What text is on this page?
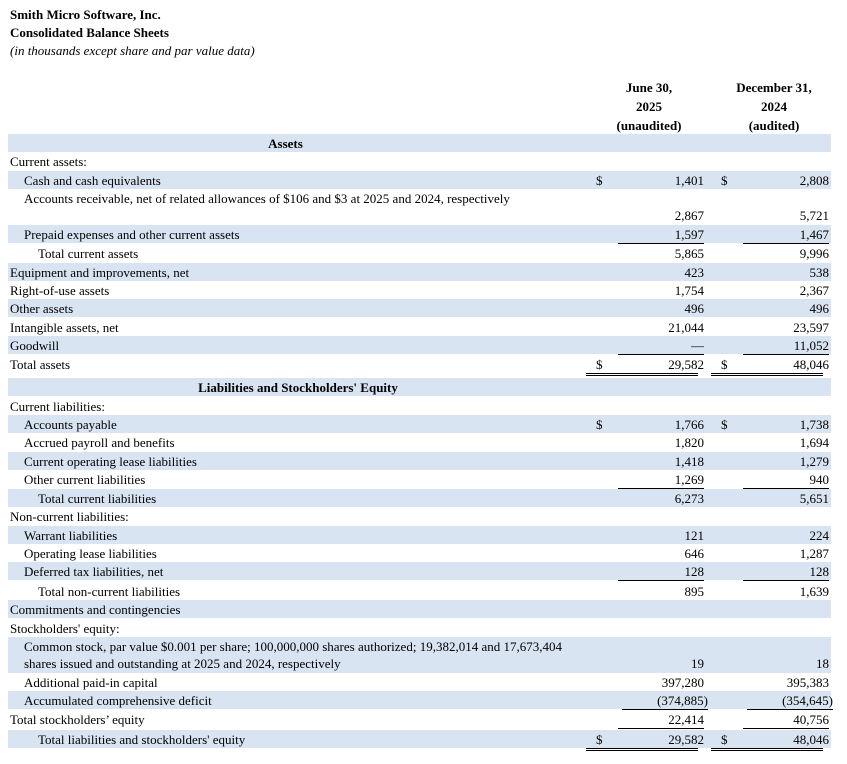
Smith Micro Software, Inc.
Consolidated Balance Sheets
(in thousands except share and par value data)
June 30,
2025
(unaudited)
December 31,
2024
(audited)
Assets
Current assets:
Cash and cash equivalents	$	1,401 $	2,808
Accounts receivable, net of related allowances of $106 and $3 at 2025 and 2024, respectively
2,867	5,721
Prepaid expenses and other current assets	1,597	1,467
Total current assets	5,865	9,996
Equipment and improvements, net	423	538
Right-of-use assets	1,754	2,367
Other assets	496	496
Intangible assets, net	21,044	23,597
Goodwill	—	11,052
Total assets	$	29,582 $	48,046
Liabilities and Stockholders' Equity
Current liabilities:
Accounts payable	$	1,766 $	1,738
Accrued payroll and benefits	1,820	1,694
Current operating lease liabilities	1,418	1,279
Other current liabilities	1,269	940
Total current liabilities	6,273	5,651
Non-current liabilities:
Warrant liabilities	121	224
Operating lease liabilities	646	1,287
Deferred tax liabilities, net	128	128
Total non-current liabilities	895	1,639
Commitments and contingencies
Stockholders' equity:
Common stock, par value $0.001 per share; 100,000,000 shares authorized; 19,382,014 and 17,673,404 shares issued and outstanding at 2025 and 2024, respectively	19	18
Additional paid-in capital	397,280	395,383
Accumulated comprehensive deficit	(374,885)	(354,645)
Total stockholders’ equity	22,414	40,756
Total liabilities and stockholders' equity	$	29,582 $	48,046
